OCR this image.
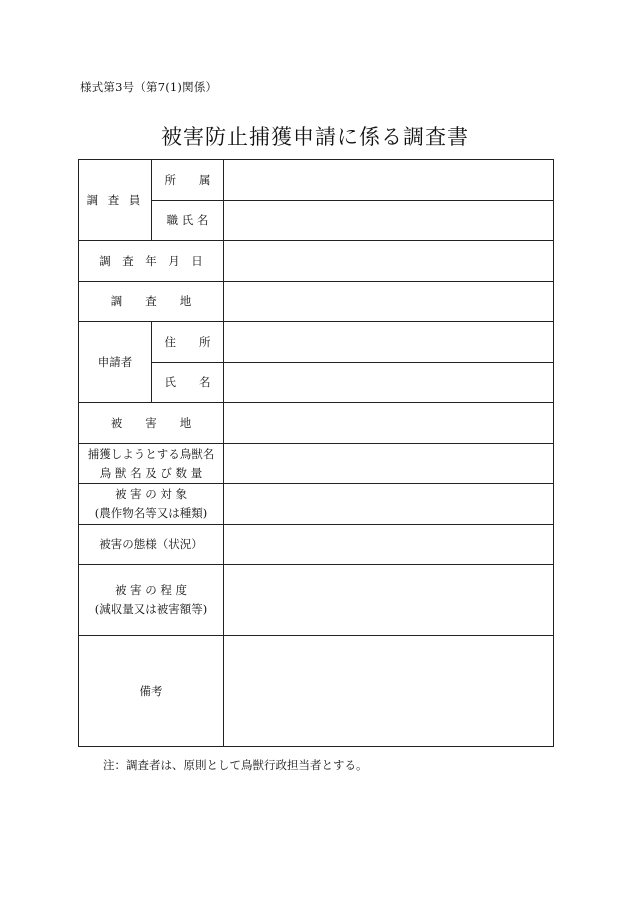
様式第3号（第7(1)関係）
被害防止捕獲申請に係る調査書
調 査 員	所　　属	
	職 氏 名	
調　査　年　月　日		
調　　査　　地		
申請者	住　　所	
	氏　　名	
被　　害　　地		

捕獲しようとする鳥獣名
鳥 獣 名 及 び 数 量		

被 害 の 対 象
(農作物名等又は種類)		

被害の態様（状況）		

被 害 の 程 度
(減収量又は被害額等)		

備考		
注：調査者は、原則として鳥獣行政担当者とする。
